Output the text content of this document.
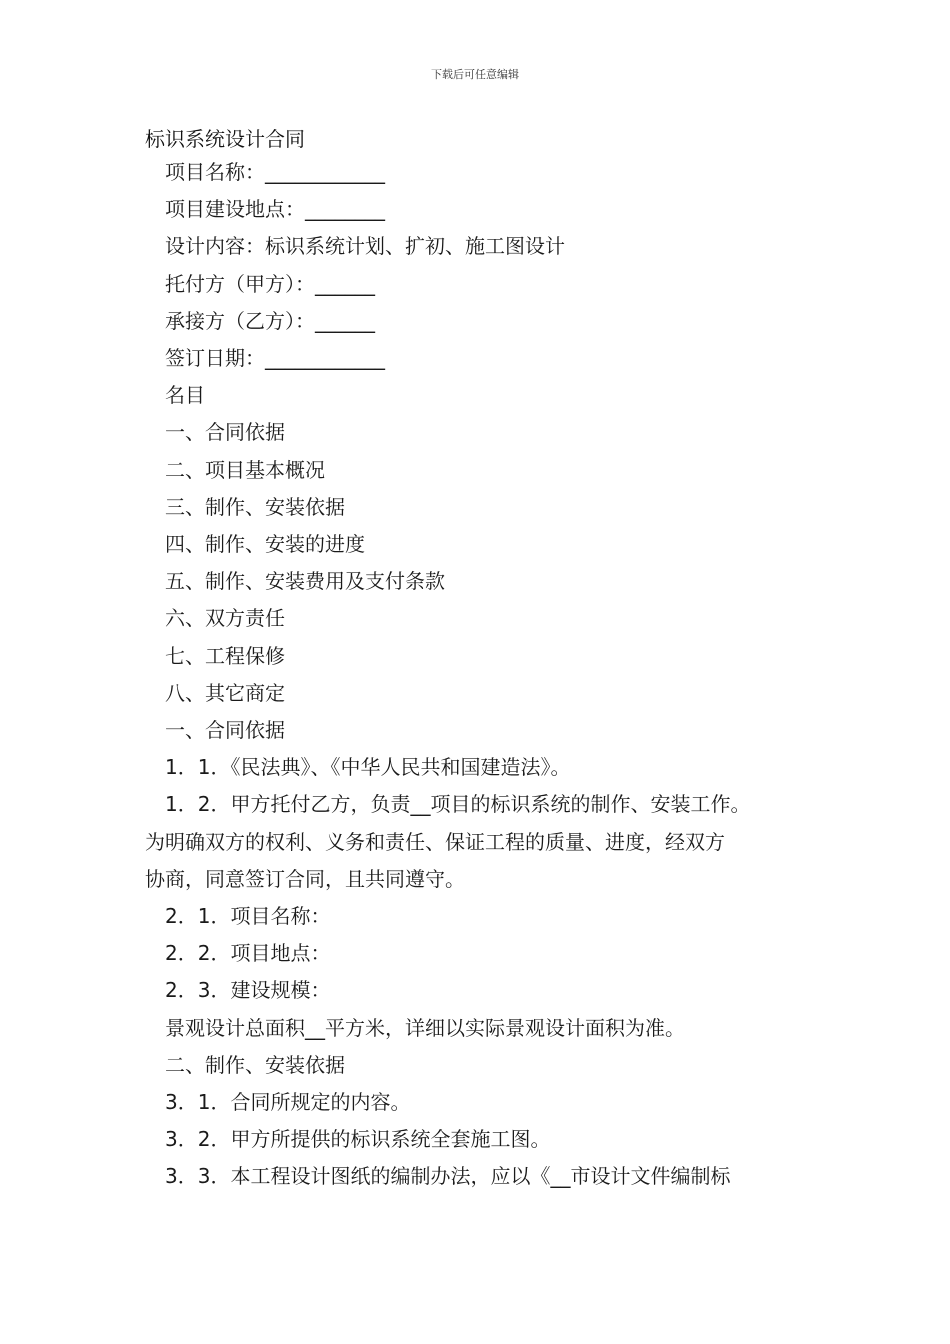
下载后可任意编辑
标识系统设计合同
项目名称：____________
项目建设地点：________
设计内容：标识系统计划、扩初、施工图设计
托付方（甲方）：______
承接方（乙方）：______
签订日期：____________
名目
一、合同依据
二、项目基本概况
三、制作、安装依据
四、制作、安装的进度
五、制作、安装费用及支付条款
六、双方责任
七、工程保修
八、其它商定
一、合同依据
1．1．《民法典》、《中华人民共和国建造法》。
1．2．甲方托付乙方，负责__项目的标识系统的制作、安装工作。
为明确双方的权利、义务和责任、保证工程的质量、进度，经双方
协商，同意签订合同，且共同遵守。
2．1．项目名称：
2．2．项目地点：
2．3．建设规模：
景观设计总面积__平方米，详细以实际景观设计面积为准。
二、制作、安装依据
3．1．合同所规定的内容。
3．2．甲方所提供的标识系统全套施工图。
3．3．本工程设计图纸的编制办法，应以《__市设计文件编制标
